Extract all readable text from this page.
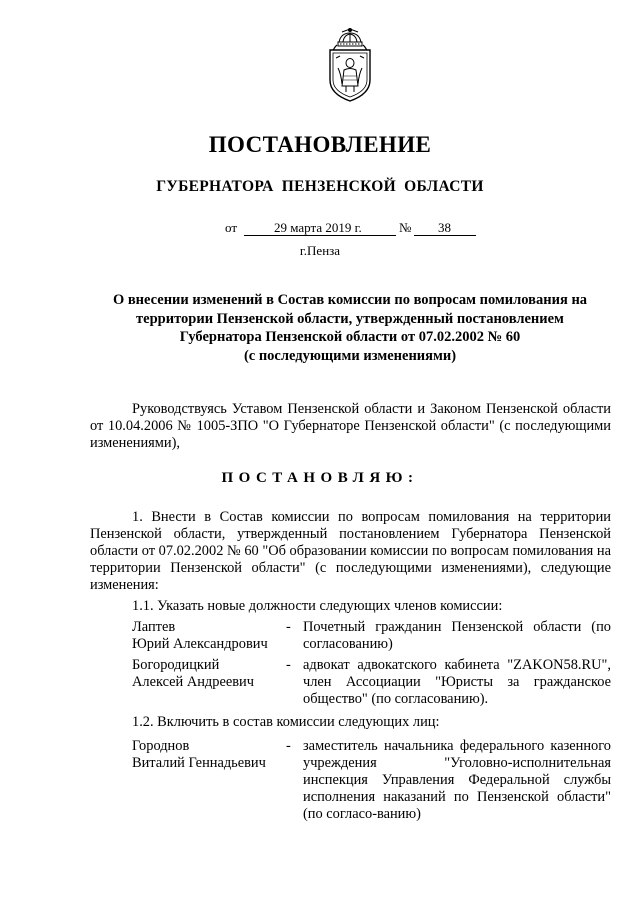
ПОСТАНОВЛЕНИЕ
ГУБЕРНАТОРА ПЕНЗЕНСКОЙ ОБЛАСТИ
от	29 марта 2019 г.	№ 38
г.Пенза
О внесении изменений в Состав комиссии по вопросам помилования на
территории Пензенской области, утвержденный постановлением
Губернатора Пензенской области от 07.02.2002 № 60
(с последующими изменениями)
Руководствуясь Уставом Пензенской области и Законом Пензенской области от 10.04.2006 № 1005-ЗПО "О Губернаторе Пензенской области" (с последующими изменениями),
ПОСТАНОВЛЯЮ:
1. Внести в Состав комиссии по вопросам помилования на территории Пензенской области, утвержденный постановлением Губернатора Пензенской области от 07.02.2002 № 60 "Об образовании комиссии по вопросам помилования на территории Пензенской области" (с последующими изменениями), следующие изменения:
1.1. Указать новые должности следующих членов комиссии:
Лаптев
Юрий Александрович
- Почетный гражданин Пензенской области (по согласованию)
Богородицкий
Алексей Андреевич
- адвокат адвокатского кабинета "ZAKON58.RU", член Ассоциации "Юристы за гражданское общество" (по согласованию).
1.2. Включить в состав комиссии следующих лиц:
Городнов
Виталий Геннадьевич
- заместитель начальника федерального казенного учреждения "Уголовно-исполнительная инспекция Управления Федеральной службы исполнения наказаний по Пензенской области" (по согласо-ванию)
